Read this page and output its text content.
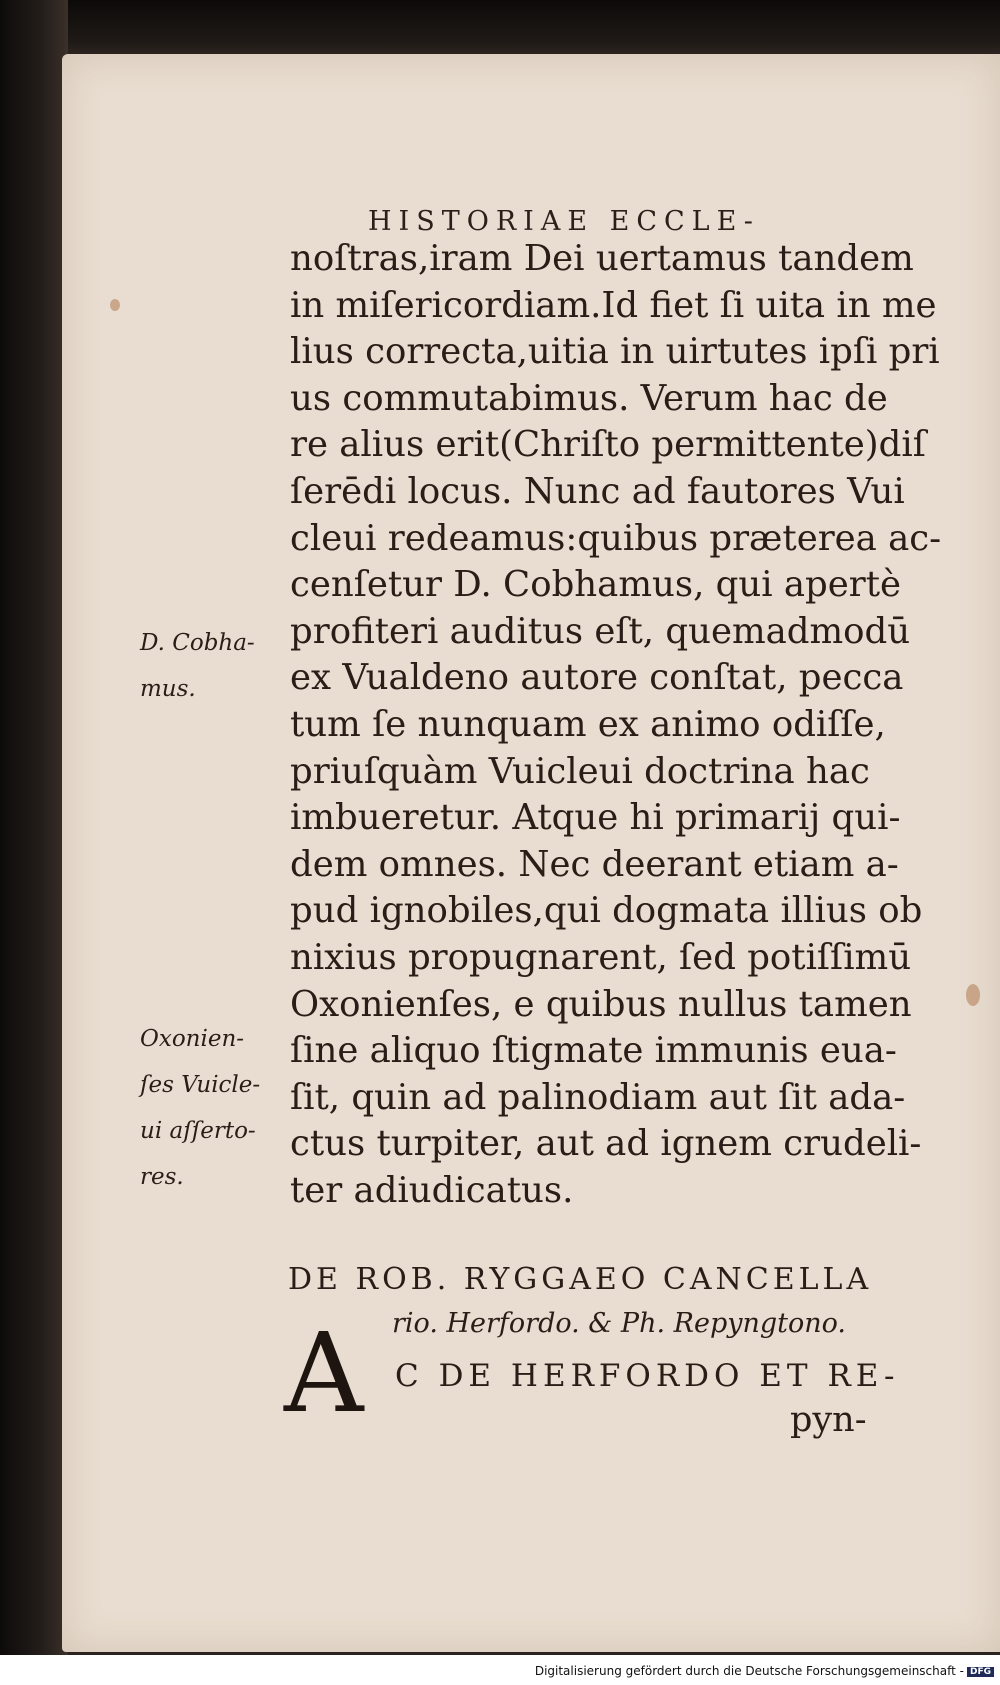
HISTORIAE ECCLE-
noſtras,iram Dei uertamus tandem
in miſericordiam.Id fiet ſi uita in me
lius correcta,uitia in uirtutes ipſi pri
us commutabimus. Verum hac de
re alius erit(Chriſto permittente)diſ
ſerēdi locus. Nunc ad fautores Vui
cleui redeamus:quibus præterea ac-
cenſetur D. Cobhamus, qui apertè
profiteri auditus eſt, quemadmodū
ex Vualdeno autore conſtat, pecca
tum ſe nunquam ex animo odiſſe,
priuſquàm Vuicleui doctrina hac
imbueretur. Atque hi primarij qui-
dem omnes. Nec deerant etiam a-
pud ignobiles,qui dogmata illius ob
nixius propugnarent, ſed potiſſimū
Oxonienſes, e quibus nullus tamen
ſine aliquo ſtigmate immunis eua-
ſit, quin ad palinodiam aut ſit ada-
ctus turpiter, aut ad ignem crudeli-
ter adiudicatus.
D. Cobha-
mus.
Oxonien-
ſes Vuicle-
ui aſſerto-
res.
DE ROB. RYGGAEO CANCELLA
rio. Herfordo. & Ph. Repyngtono.
A C DE HERFORDO ET RE-
pyn-
Digitalisierung gefördert durch die Deutsche Forschungsgemeinschaft - DFG
